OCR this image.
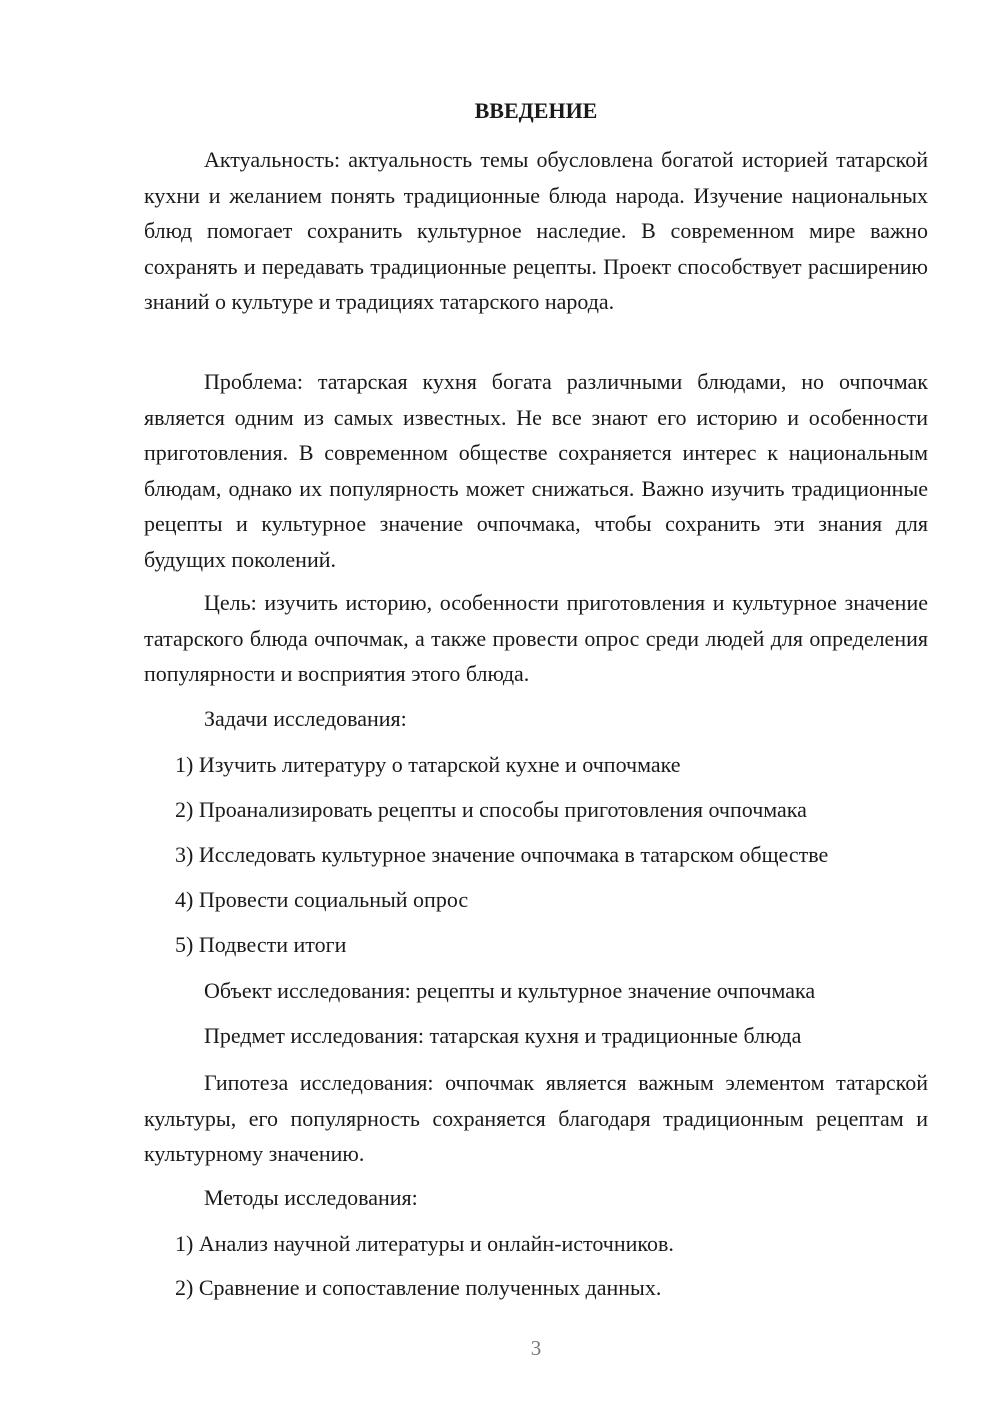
ВВЕДЕНИЕ

Актуальность: актуальность темы обусловлена богатой историей татарской кухни и желанием понять традиционные блюда народа. Изучение национальных блюд помогает сохранить культурное наследие. В современном мире важно сохранять и передавать традиционные рецепты. Проект способствует расширению знаний о культуре и традициях татарского народа.

Проблема: татарская кухня богата различными блюдами, но очпочмак является одним из самых известных. Не все знают его историю и особенности приготовления. В современном обществе сохраняется интерес к национальным блюдам, однако их популярность может снижаться. Важно изучить традиционные рецепты и культурное значение очпочмака, чтобы сохранить эти знания для будущих поколений.

Цель: изучить историю, особенности приготовления и культурное значение татарского блюда очпочмак, а также провести опрос среди людей для определения популярности и восприятия этого блюда.

Задачи исследования:

1) Изучить литературу о татарской кухне и очпочмаке

2) Проанализировать рецепты и способы приготовления очпочмака

3) Исследовать культурное значение очпочмака в татарском обществе

4) Провести социальный опрос

5) Подвести итоги

Объект исследования: рецепты и культурное значение очпочмака

Предмет исследования: татарская кухня и традиционные блюда

Гипотеза исследования: очпочмак является важным элементом татарской культуры, его популярность сохраняется благодаря традиционным рецептам и культурному значению.

Методы исследования:

1) Анализ научной литературы и онлайн-источников.

2) Сравнение и сопоставление полученных данных.

3
